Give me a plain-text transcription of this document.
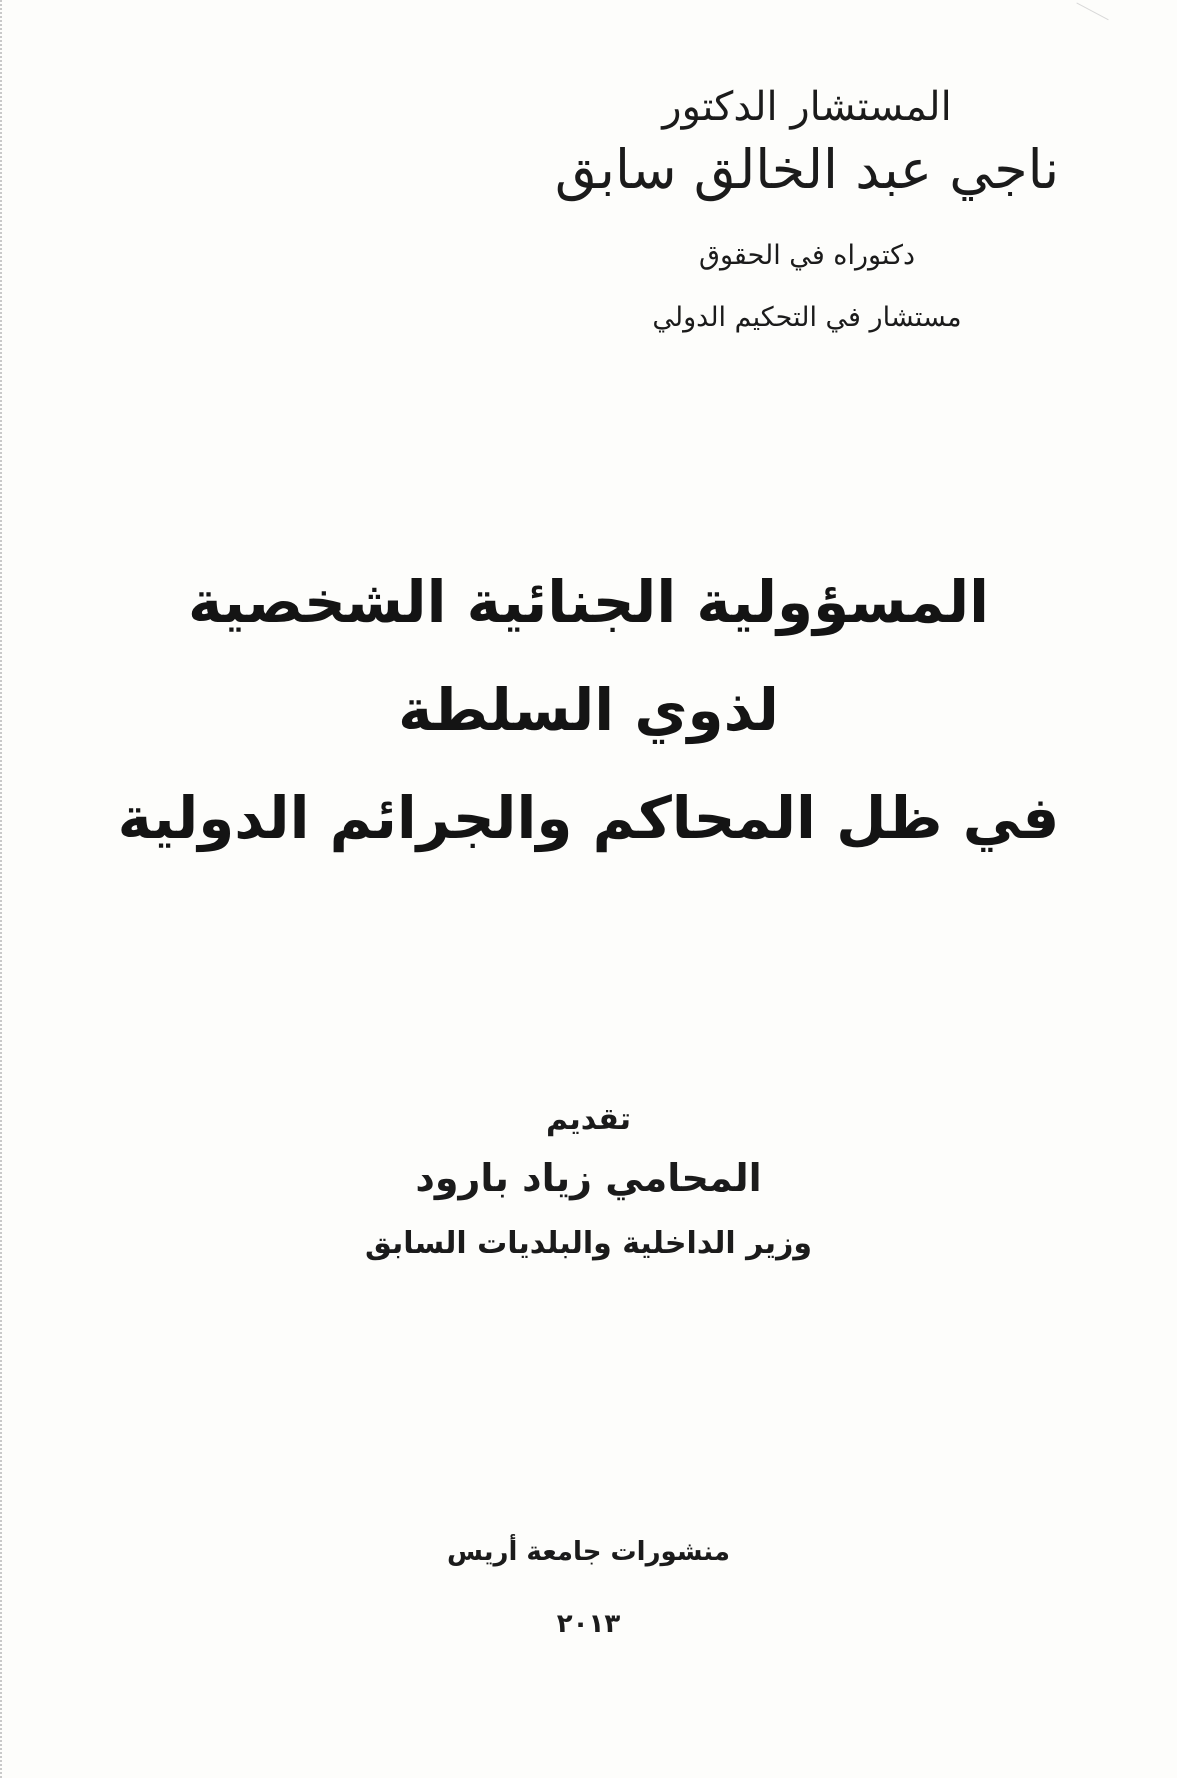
المستشار الدكتور

ناجي عبد الخالق سابق

دكتوراه في الحقوق

مستشار في التحكيم الدولي

المسؤولية الجنائية الشخصية

لذوي السلطة

في ظل المحاكم والجرائم الدولية

تقديم

المحامي زياد بارود

وزير الداخلية والبلديات السابق

منشورات جامعة أريس

٢٠١٣
